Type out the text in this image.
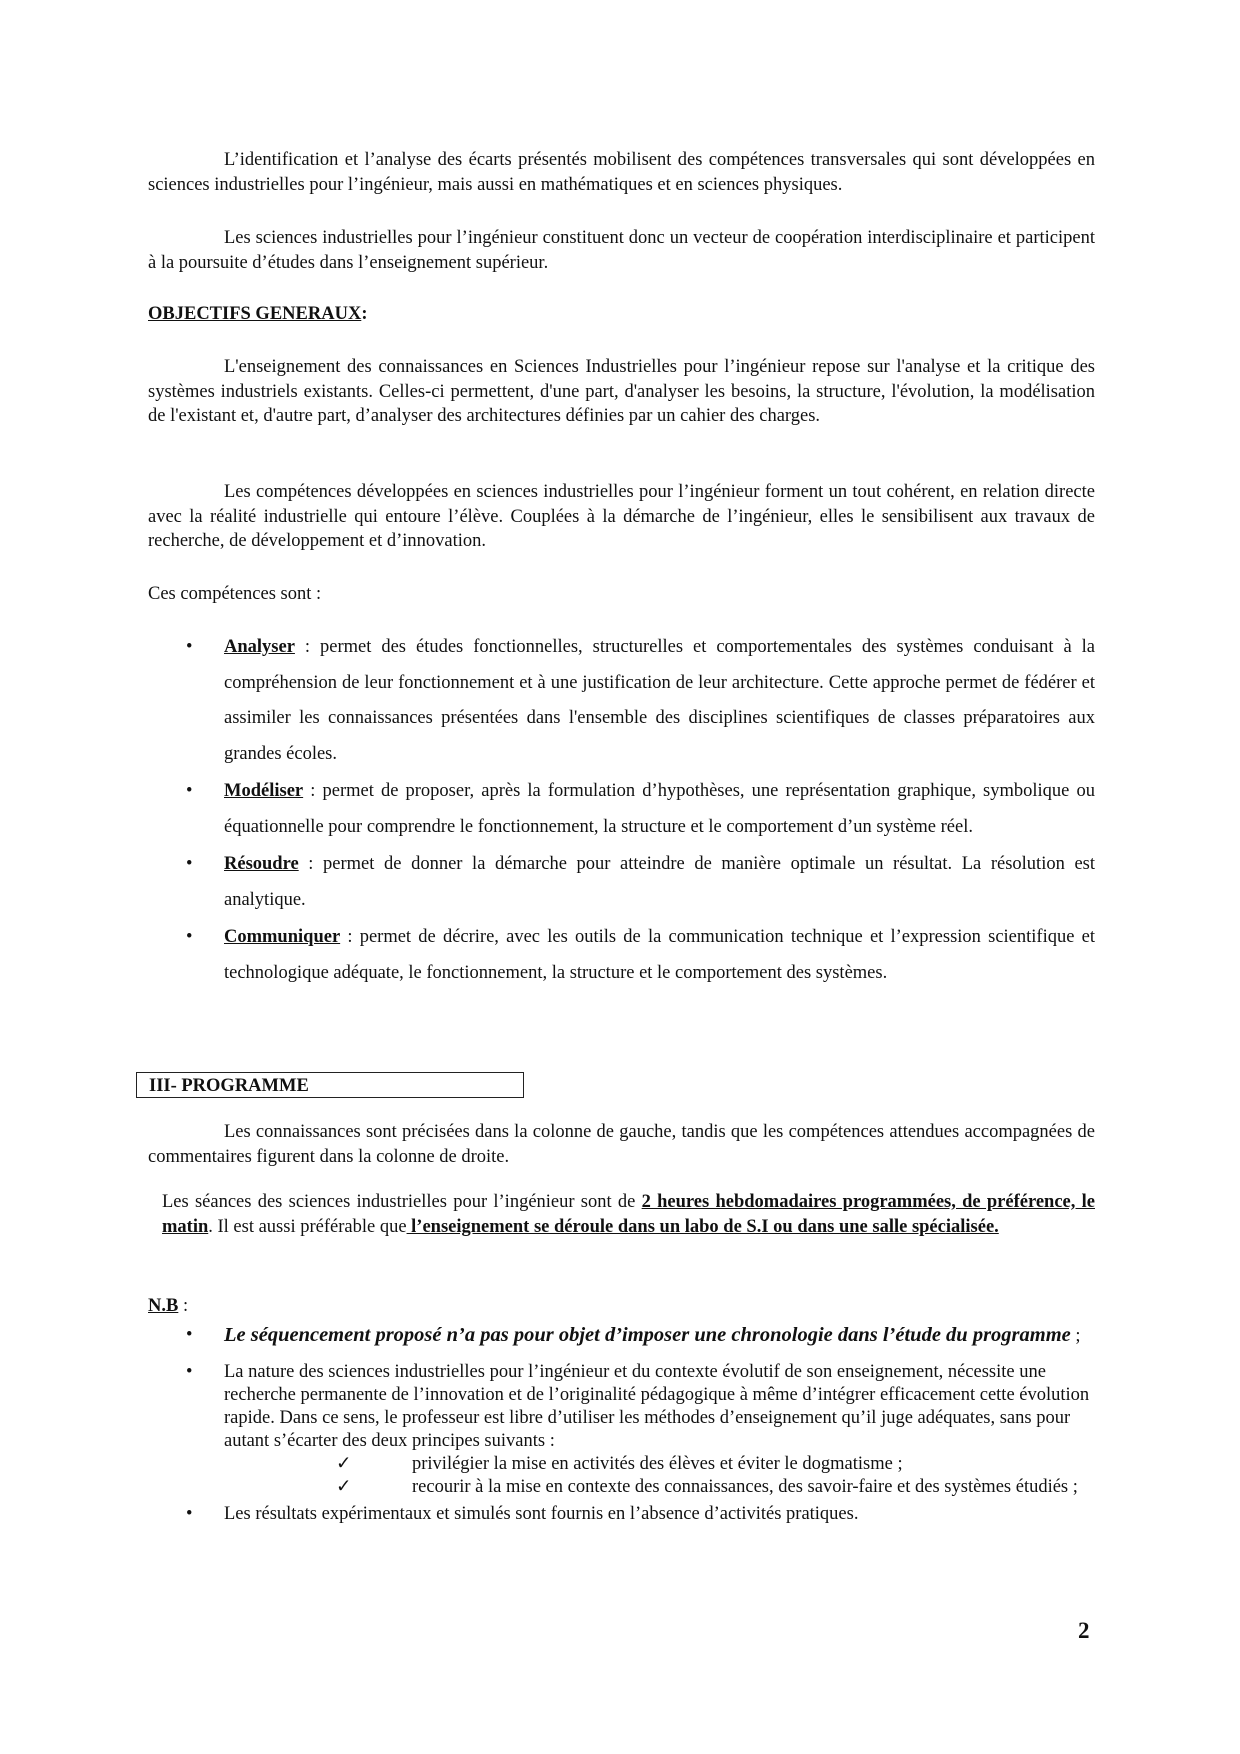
L’identification et l’analyse des écarts présentés mobilisent des compétences transversales qui sont développées en sciences industrielles pour l’ingénieur, mais aussi en mathématiques et en sciences physiques.

Les sciences industrielles pour l’ingénieur constituent donc un vecteur de coopération interdisciplinaire et participent à la poursuite d’études dans l’enseignement supérieur.

OBJECTIFS GENERAUX:

L'enseignement des connaissances en Sciences Industrielles pour l’ingénieur repose sur l'analyse et la critique des systèmes industriels existants. Celles-ci permettent, d'une part, d'analyser les besoins, la structure, l'évolution, la modélisation de l'existant et, d'autre part, d’analyser des architectures définies par un cahier des charges.

Les compétences développées en sciences industrielles pour l’ingénieur forment un tout cohérent, en relation directe avec la réalité industrielle qui entoure l’élève. Couplées à la démarche de l’ingénieur, elles le sensibilisent aux travaux de recherche, de développement et d’innovation.

Ces compétences sont :

• Analyser : permet des études fonctionnelles, structurelles et comportementales des systèmes conduisant à la compréhension de leur fonctionnement et à une justification de leur architecture. Cette approche permet de fédérer et assimiler les connaissances présentées dans l'ensemble des disciplines scientifiques de classes préparatoires aux grandes écoles.
• Modéliser : permet de proposer, après la formulation d’hypothèses, une représentation graphique, symbolique ou équationnelle pour comprendre le fonctionnement, la structure et le comportement d’un système réel.
• Résoudre : permet de donner la démarche pour atteindre de manière optimale un résultat. La résolution est analytique.
• Communiquer : permet de décrire, avec les outils de la communication technique et l’expression scientifique et technologique adéquate, le fonctionnement, la structure et le comportement des systèmes.
III- PROGRAMME

Les connaissances sont précisées dans la colonne de gauche, tandis que les compétences attendues accompagnées de commentaires figurent dans la colonne de droite.

Les séances des sciences industrielles pour l’ingénieur sont de 2 heures hebdomadaires programmées, de préférence, le matin. Il est aussi préférable que l’enseignement se déroule dans un labo de S.I ou dans une salle spécialisée.

N.B :

• Le séquencement proposé n’a pas pour objet d’imposer une chronologie dans l’étude du programme ;
• La nature des sciences industrielles pour l’ingénieur et du contexte évolutif de son enseignement, nécessite une recherche permanente de l’innovation et de l’originalité pédagogique à même d’intégrer efficacement cette évolution rapide. Dans ce sens, le professeur est libre d’utiliser les méthodes d’enseignement qu’il juge adéquates, sans pour autant s’écarter des deux principes suivants :
✓	privilégier la mise en activités des élèves et éviter le dogmatisme ;
✓	recourir à la mise en contexte des connaissances, des savoir-faire et des systèmes étudiés ;
• Les résultats expérimentaux et simulés sont fournis en l’absence d’activités pratiques.
2
